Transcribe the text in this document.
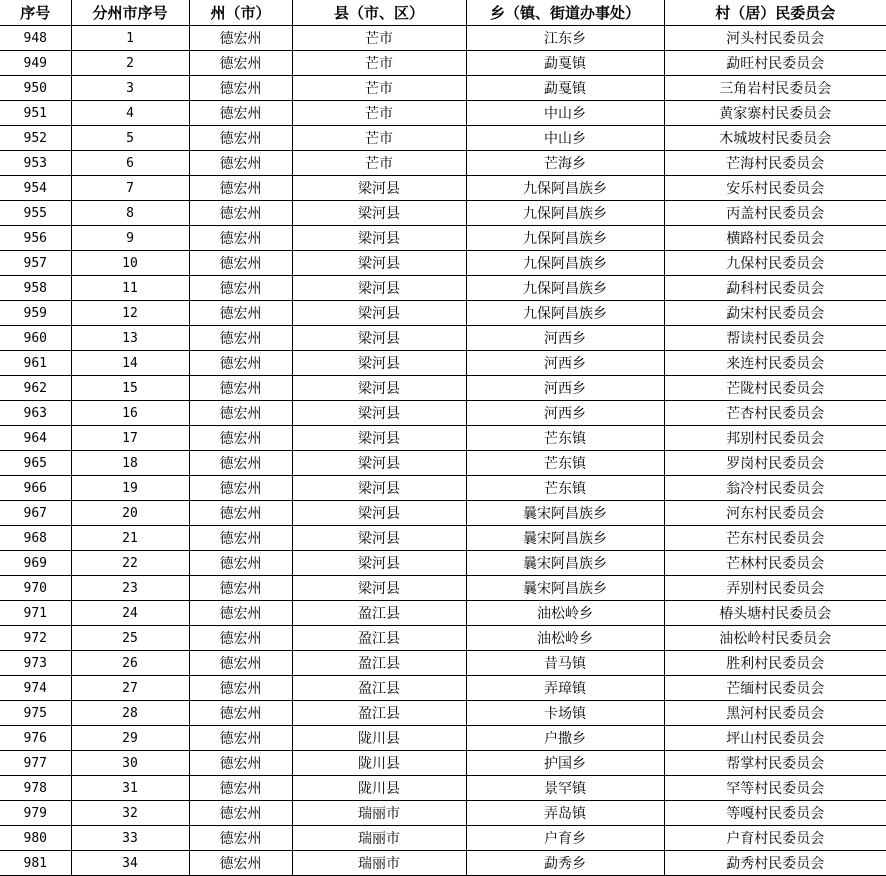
序号	分州市序号	州（市）	县（市、区）	乡（镇、街道办事处）	村（居）民委员会
948	1	德宏州	芒市	江东乡	河头村民委员会
949	2	德宏州	芒市	勐戛镇	勐旺村民委员会
950	3	德宏州	芒市	勐戛镇	三角岩村民委员会
951	4	德宏州	芒市	中山乡	黄家寨村民委员会
952	5	德宏州	芒市	中山乡	木城坡村民委员会
953	6	德宏州	芒市	芒海乡	芒海村民委员会
954	7	德宏州	梁河县	九保阿昌族乡	安乐村民委员会
955	8	德宏州	梁河县	九保阿昌族乡	丙盖村民委员会
956	9	德宏州	梁河县	九保阿昌族乡	横路村民委员会
957	10	德宏州	梁河县	九保阿昌族乡	九保村民委员会
958	11	德宏州	梁河县	九保阿昌族乡	勐科村民委员会
959	12	德宏州	梁河县	九保阿昌族乡	勐宋村民委员会
960	13	德宏州	梁河县	河西乡	帮读村民委员会
961	14	德宏州	梁河县	河西乡	来连村民委员会
962	15	德宏州	梁河县	河西乡	芒陇村民委员会
963	16	德宏州	梁河县	河西乡	芒杏村民委员会
964	17	德宏州	梁河县	芒东镇	邦别村民委员会
965	18	德宏州	梁河县	芒东镇	罗岗村民委员会
966	19	德宏州	梁河县	芒东镇	翁冷村民委员会
967	20	德宏州	梁河县	曩宋阿昌族乡	河东村民委员会
968	21	德宏州	梁河县	曩宋阿昌族乡	芒东村民委员会
969	22	德宏州	梁河县	曩宋阿昌族乡	芒林村民委员会
970	23	德宏州	梁河县	曩宋阿昌族乡	弄别村民委员会
971	24	德宏州	盈江县	油松岭乡	椿头塘村民委员会
972	25	德宏州	盈江县	油松岭乡	油松岭村民委员会
973	26	德宏州	盈江县	昔马镇	胜利村民委员会
974	27	德宏州	盈江县	弄璋镇	芒缅村民委员会
975	28	德宏州	盈江县	卡场镇	黑河村民委员会
976	29	德宏州	陇川县	户撒乡	坪山村民委员会
977	30	德宏州	陇川县	护国乡	帮掌村民委员会
978	31	德宏州	陇川县	景罕镇	罕等村民委员会
979	32	德宏州	瑞丽市	弄岛镇	等嘎村民委员会
980	33	德宏州	瑞丽市	户育乡	户育村民委员会
981	34	德宏州	瑞丽市	勐秀乡	勐秀村民委员会
